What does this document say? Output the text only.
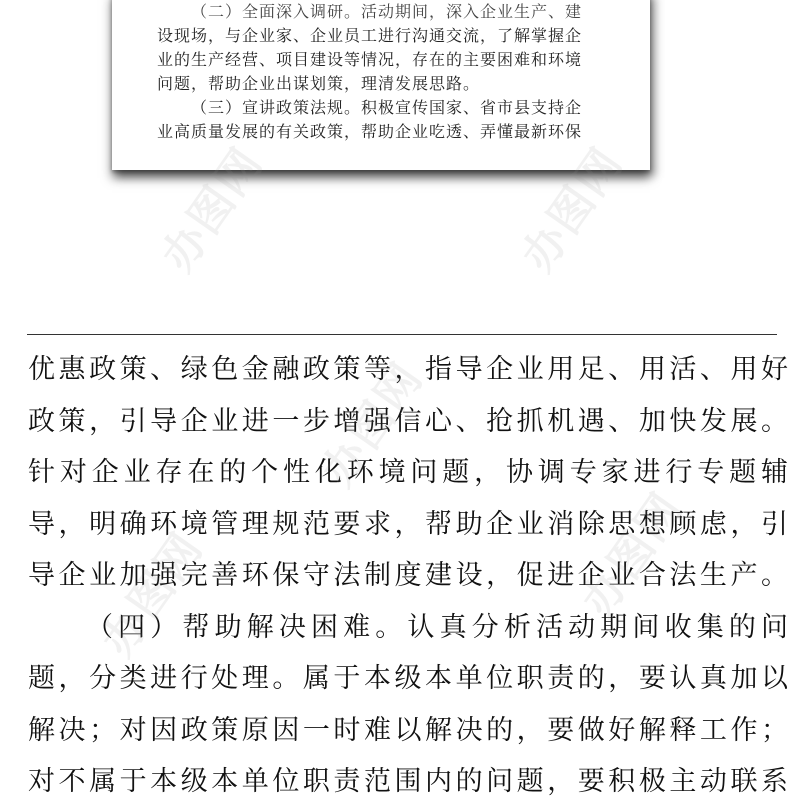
（二）全面深入调研。活动期间，深入企业生产、建
设现场，与企业家、企业员工进行沟通交流，了解掌握企
业的生产经营、项目建设等情况，存在的主要困难和环境
问题，帮助企业出谋划策，理清发展思路。
（三）宣讲政策法规。积极宣传国家、省市县支持企
业高质量发展的有关政策，帮助企业吃透、弄懂最新环保
优惠政策、绿色金融政策等，指导企业用足、用活、用好
政策，引导企业进一步增强信心、抢抓机遇、加快发展。
针对企业存在的个性化环境问题，协调专家进行专题辅
导，明确环境管理规范要求，帮助企业消除思想顾虑，引
导企业加强完善环保守法制度建设，促进企业合法生产。
（四）帮助解决困难。认真分析活动期间收集的问
题，分类进行处理。属于本级本单位职责的，要认真加以
解决；对因政策原因一时难以解决的，要做好解释工作；
对不属于本级本单位职责范围内的问题，要积极主动联系
办图网	办图网
办图网
办图网
办图网
